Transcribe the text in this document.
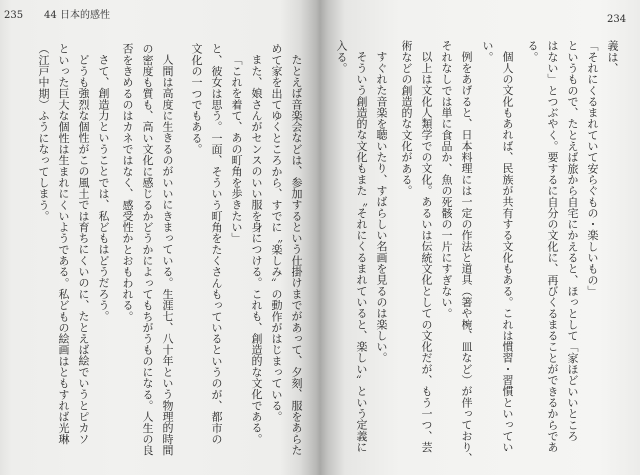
235 44 日本的感性
たとえば音楽会などは、参加するという仕掛けまでがあって、夕刻、服をあらた
めて家を出てゆくところから、すでに〝楽しみ〟の動作がはじまっている。
また、娘さんがセンスのいい服を身につける。これも、創造的な文化である。
「これを着て、あの町角を歩きたい」
と、彼女は思う。一面、そういう町角をたくさんもっているというのが、都市の
文化の一つでもある。
人間は高度に生きるのがいいにきまっている。生涯七、八十年という物理的時間
の密度も質も、高い文化に感じるかどうかによってもちがうものになる。人生の良
否をきめるのはカネではなく、感受性かとおもわれる。
さて、創造力ということでは、私どもはどうだろう。
どうも強烈な個性がこの風土では育ちにくいのに、たとえば絵でいうとピカソ
といった巨大な個性は生まれにくいようである。私どもの絵画はともすれば光琳
（江戸中期）ふうになってしまう。
234
義は、
「それにくるまれていて安らぐもの・楽しいもの」
というもので、たとえば旅から自宅にかえると、ほっとして「家ほどいいところ
はない」とつぶやく。要するに自分の文化に、再びくるまることができるからであ
る。
個人の文化もあれば、民族が共有する文化もある。これは慣習・習慣といってい
い。
例をあげると、日本料理には一定の作法と道具（箸や椀、皿など）が伴っており、
それなしでは単に食品か、魚の死骸の一片にすぎない。
以上は文化人類学での文化。あるいは伝統文化としての文化だが、もう一つ、芸
術などの創造的な文化がある。
すぐれた音楽を聴いたり、すばらしい名画を見るのは楽しい。
そういう創造的な文化もまた〝それにくるまれていると、楽しい〟という定義に
入る。
